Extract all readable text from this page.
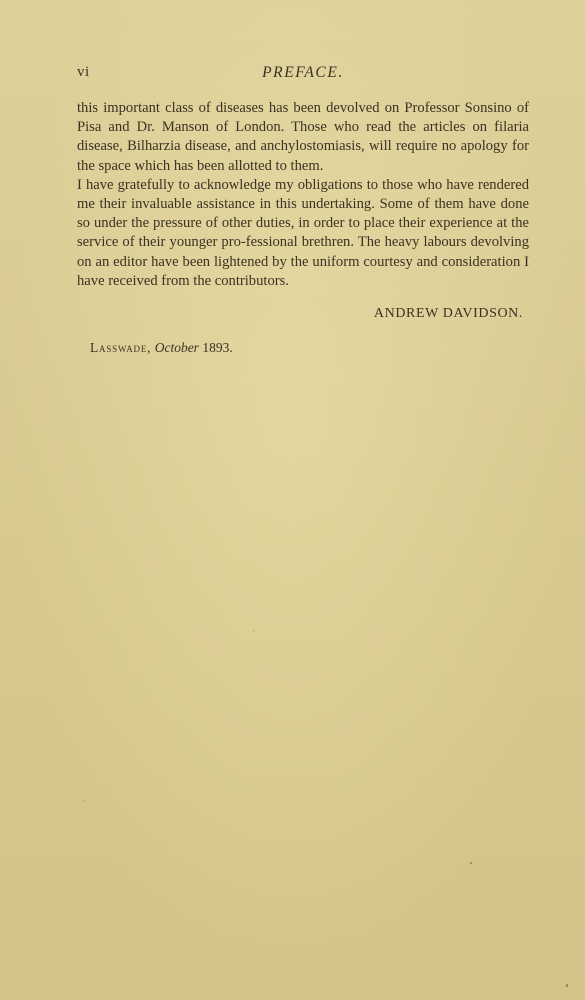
vi	PREFACE.

this important class of diseases has been devolved on Professor Sonsino of Pisa and Dr. Manson of London. Those who read the articles on filaria disease, Bilharzia disease, and anchylostomiasis, will require no apology for the space which has been allotted to them.

I have gratefully to acknowledge my obligations to those who have rendered me their invaluable assistance in this undertaking. Some of them have done so under the pressure of other duties, in order to place their experience at the service of their younger pro-fessional brethren. The heavy labours devolving on an editor have been lightened by the uniform courtesy and consideration I have received from the contributors.

ANDREW DAVIDSON.
Lasswade, October 1893.
